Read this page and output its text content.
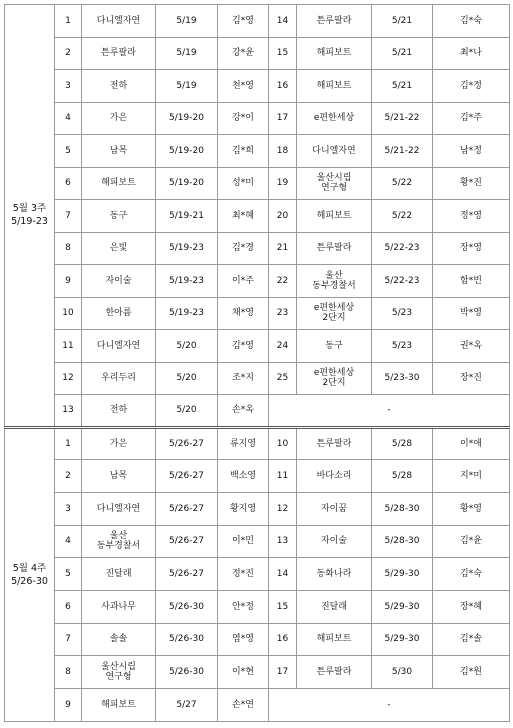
5월 3주
5/19-23	1	다니엘자연	5/19	김*영	14	튼루팔라	5/21	김*숙
	2	튼루팔라	5/19	강*윤	15	해피보트	5/21	최*나
	3	전하	5/19	천*영	16	해피보트	5/21	김*정
	4	가은	5/19-20	강*이	17	e편한세상	5/21-22	김*주
	5	남목	5/19-20	김*희	18	다니엘자연	5/21-22	남*정
	6	해피보트	5/19-20	성*미	19	울산시립
연구형	5/22	황*진
	7	동구	5/19-21	최*혜	20	해피보트	5/22	정*영
	8	은빛	5/19-23	김*경	21	튼루팔라	5/22-23	장*영
	9	자이술	5/19-23	이*주	22	울산
동부경찰서	5/22-23	함*빈
	10	한아름	5/19-23	채*영	23	e편한세상
2단지	5/23	박*영
	11	다니엘자연	5/20	김*영	24	동구	5/23	권*옥
	12	우리두리	5/20	조*지	25	e편한세상
2단지	5/23-30	장*진
	13	전하	5/20	손*옥	-			
5월 4주
5/26-30	1	가은	5/26-27	류지영	10	튼루팔라	5/28	이*애
	2	남목	5/26-27	백소영	11	바다소리	5/28	지*미
	3	다니엘자연	5/26-27	황지영	12	자이꿈	5/28-30	황*영
	4	울산
동부경찰서	5/26-27	이*민	13	자이술	5/28-30	김*윤
	5	진달래	5/26-27	정*진	14	동화나라	5/29-30	김*숙
	6	사과나무	5/26-30	안*정	15	진달래	5/29-30	장*혜
	7	솔솔	5/26-30	염*영	16	해피보트	5/29-30	김*솔
	8	울산시립
연구형	5/26-30	이*현	17	튼루팔라	5/30	김*원
	9	해피보트	5/27	손*연	-			
